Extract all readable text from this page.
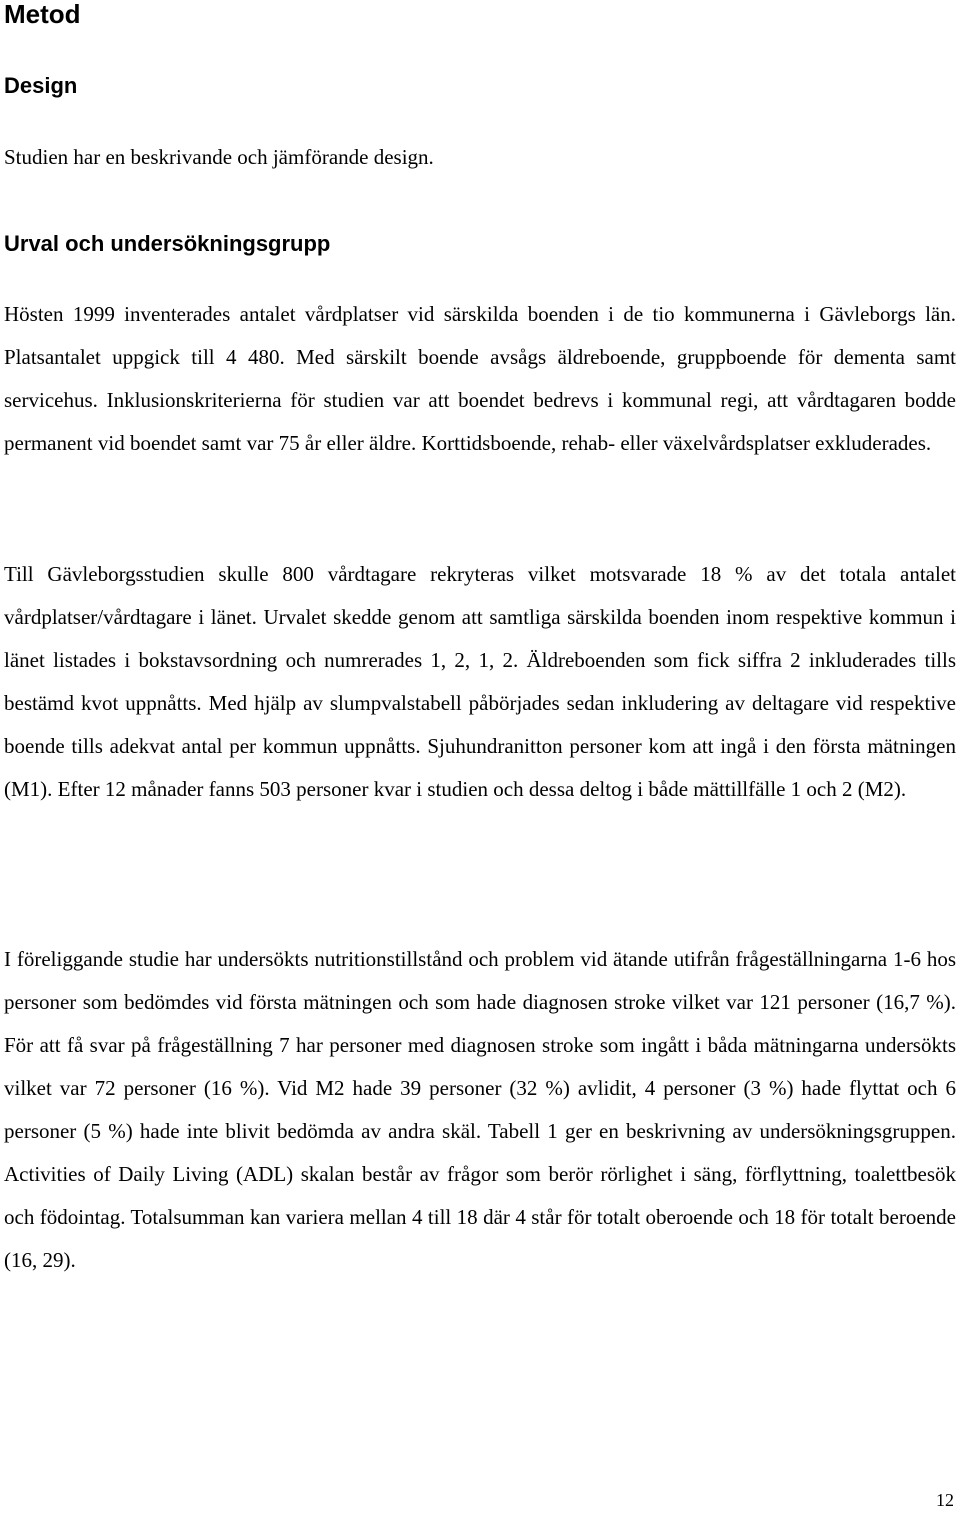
Metod
Design

Studien har en beskrivande och jämförande design.

Urval och undersökningsgrupp

Hösten 1999 inventerades antalet vårdplatser vid särskilda boenden i de tio kommunerna i Gävleborgs län. Platsantalet uppgick till 4 480. Med särskilt boende avsågs äldreboende, gruppboende för dementa samt servicehus. Inklusionskriterierna för studien var att boendet bedrevs i kommunal regi, att vårdtagaren bodde permanent vid boendet samt var 75 år eller äldre. Korttidsboende, rehab- eller växelvårdsplatser exkluderades.

Till Gävleborgsstudien skulle 800 vårdtagare rekryteras vilket motsvarade 18 % av det totala antalet vårdplatser/vårdtagare i länet. Urvalet skedde genom att samtliga särskilda boenden inom respektive kommun i länet listades i bokstavsordning och numrerades 1, 2, 1, 2. Äldreboenden som fick siffra 2 inkluderades tills bestämd kvot uppnåtts. Med hjälp av slumpvalstabell påbörjades sedan inkludering av deltagare vid respektive boende tills adekvat antal per kommun uppnåtts. Sjuhundranitton personer kom att ingå i den första mätningen (M1). Efter 12 månader fanns 503 personer kvar i studien och dessa deltog i både mättillfälle 1 och 2 (M2).

I föreliggande studie har undersökts nutritionstillstånd och problem vid ätande utifrån frågeställningarna 1-6 hos personer som bedömdes vid första mätningen och som hade diagnosen stroke vilket var 121 personer (16,7 %). För att få svar på frågeställning 7 har personer med diagnosen stroke som ingått i båda mätningarna undersökts vilket var 72 personer (16 %). Vid M2 hade 39 personer (32 %) avlidit, 4 personer (3 %) hade flyttat och 6 personer (5 %) hade inte blivit bedömda av andra skäl. Tabell 1 ger en beskrivning av undersökningsgruppen. Activities of Daily Living (ADL) skalan består av frågor som berör rörlighet i säng, förflyttning, toalettbesök och födointag. Totalsumman kan variera mellan 4 till 18 där 4 står för totalt oberoende och 18 för totalt beroende (16, 29).

12
